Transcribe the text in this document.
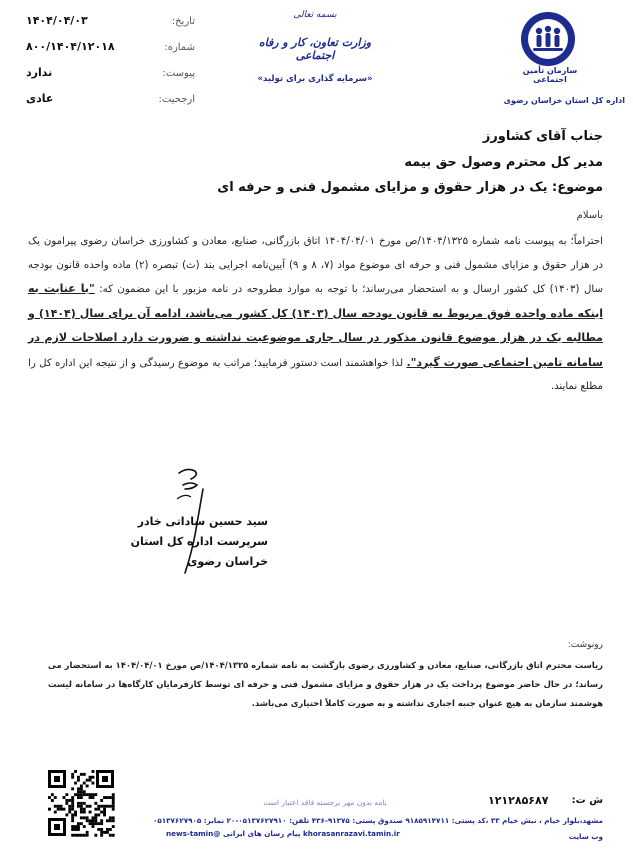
تاریخ:
۱۴۰۴/۰۴/۰۳
شماره:
۸۰۰/۱۴۰۴/۱۲۰۱۸
پیوست:
ندارد
ارجحیت:
عادی
بسمه تعالی
وزارت تعاون، کار و رفاه اجتماعی
«سرمایه گذاری برای تولید»
سازمان تأمین اجتماعی
اداره کل استان خراسان رضوی
جناب آقای کشاورز
مدیر کل محترم وصول حق بیمه
موضوع: یک در هزار حقوق و مزایای مشمول فنی و حرفه ای
باسلام
احتراماً؛ به پیوست نامه شماره ۱۴۰۴/۱۳۲۵/ص مورخ ۱۴۰۴/۰۴/۰۱ اتاق بازرگانی، صنایع، معادن و کشاورزی خراسان رضوی پیرامون یک در هزار حقوق و مزایای مشمول فنی و حرفه ای موضوع مواد (۷، ۸ و ۹) آیین‌نامه اجرایی بند (ث) تبصره (۲) ماده واحده قانون بودجه سال (۱۴۰۳) کل کشور ارسال و به استحضار می‌رساند؛ با توجه به موارد مطروحه در نامه مزبور با این مضمون که: "با عنایت به اینکه ماده واحده فوق مربوط به قانون بودجه سال (۱۴۰۳) کل کشور می‌باشد، ادامه آن برای سال (۱۴۰۴) و مطالبه یک در هزار موضوع قانون مذکور در سال جاری موضوعیت نداشته و ضرورت دارد اصلاحات لازم در سامانه تامین اجتماعی صورت گیرد". لذا خواهشمند است دستور فرمایید؛ مراتب به موضوع رسیدگی و از نتیجه این اداره کل را مطلع نمایند.
سید حسین ساداتی خادر
سرپرست اداره کل استان خراسان رضوی
رونوشت:
ریاست محترم اتاق بازرگانی، صنایع، معادن و کشاورزی رضوی بازگشت به نامه شماره ۱۴۰۴/۱۳۲۵/ص مورخ ۱۴۰۴/۰۴/۰۱ به استحضار می رساند؛ در حال حاضر موضوع پرداخت یک در هزار حقوق و مزایای مشمول فنی و حرفه ای توسط کارفرمایان کارگاه‌ها در سامانه لیست هوشمند سازمان به هیچ عنوان جنبه اجباری نداشته و به صورت کاملاً اختیاری می‌باشد.
ش ت:
۱۲۱۲۸۵۶۸۷
نامه بدون مهر برجسته فاقد اعتبار است
مشهد،بلوار خیام ، نبش خیام ۳۳ ،کد پستی: ۹۱۸۵۹۱۴۷۱۱ صندوق پستی: ۹۱۳۷۵-۴۳۶ تلفن: ۰۵۱۳۷۶۲۷۹۱۰-۲۰ نمابر: ۰۵۱۳۷۶۲۷۹۰۵ وب سایت
khorasanrazavi.tamin.ir پیام رسان های ایرانی @news-tamin
